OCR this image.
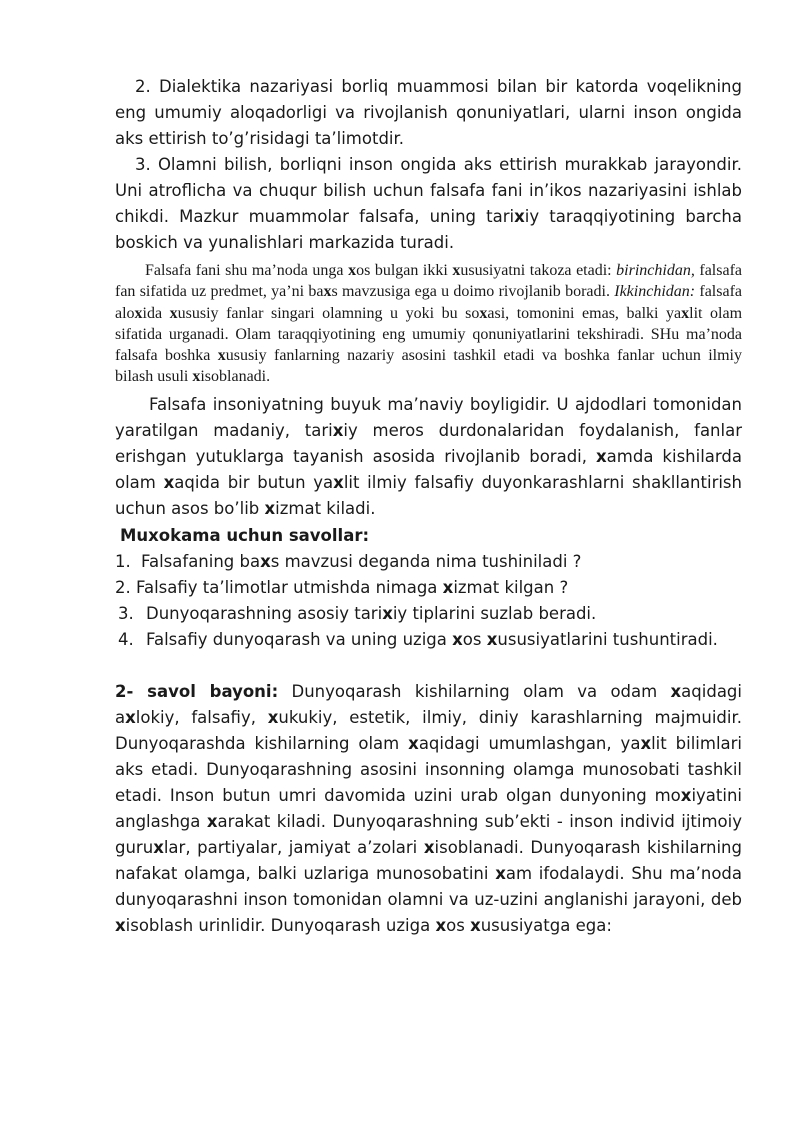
2. Dialektika nazariyasi borliq muammosi bilan bir katorda voqelikning eng umumiy aloqadorligi va rivojlanish qonuniyatlari, ularni inson ongida aks ettirish to’g’risidagi ta’limotdir.

3. Olamni bilish, borliqni inson ongida aks ettirish murakkab jarayondir. Uni atroflicha va chuqur bilish uchun falsafa fani in’ikos nazariyasini ishlab chikdi. Mazkur muammolar falsafa, uning tarixiy taraqqiyotining barcha boskich va yunalishlari markazida turadi.

Falsafa fani shu ma’noda unga xos bulgan ikki xususiyatni takoza etadi: birinchidan, falsafa fan sifatida uz predmet, ya’ni baxs mavzusiga ega u doimo rivojlanib boradi. Ikkinchidan: falsafa aloxida xususiy fanlar singari olamning u yoki bu soxasi, tomonini emas, balki yaxlit olam sifatida urganadi. Olam taraqqiyotining eng umumiy qonuniyatlarini tekshiradi. SHu ma’noda falsafa boshka xususiy fanlarning nazariy asosini tashkil etadi va boshka fanlar uchun ilmiy bilash usuli xisoblanadi.

Falsafa insoniyatning buyuk ma’naviy boyligidir. U ajdodlari tomonidan yaratilgan madaniy, tarixiy meros durdonalaridan foydalanish, fanlar erishgan yutuklarga tayanish asosida rivojlanib boradi, xamda kishilarda olam xaqida bir butun yaxlit ilmiy falsafiy duyonkarashlarni shakllantirish uchun asos bo’lib xizmat kiladi.

Muxokama uchun savollar:
1. Falsafaning baxs mavzusi deganda nima tushiniladi ?
2. Falsafiy ta’limotlar utmishda nimaga xizmat kilgan ?
3. Dunyoqarashning asosiy tarixiy tiplarini suzlab beradi.
4. Falsafiy dunyoqarash va uning uziga xos xususiyatlarini tushuntiradi.

2- savol bayoni: Dunyoqarash kishilarning olam va odam xaqidagi axlokiy, falsafiy, xukukiy, estetik, ilmiy, diniy karashlarning majmuidir. Dunyoqarashda kishilarning olam xaqidagi umumlashgan, yaxlit bilimlari aks etadi. Dunyoqarashning asosini insonning olamga munosobati tashkil etadi. Inson butun umri davomida uzini urab olgan dunyoning moxiyatini anglashga xarakat kiladi. Dunyoqarashning sub’ekti - inson individ ijtimoiy guruxlar, partiyalar, jamiyat a’zolari xisoblanadi. Dunyoqarash kishilarning nafakat olamga, balki uzlariga munosobatini xam ifodalaydi. Shu ma’noda dunyoqarashni inson tomonidan olamni va uz-uzini anglanishi jarayoni, deb xisoblash urinlidir. Dunyoqarash uziga xos xususiyatga ega:
